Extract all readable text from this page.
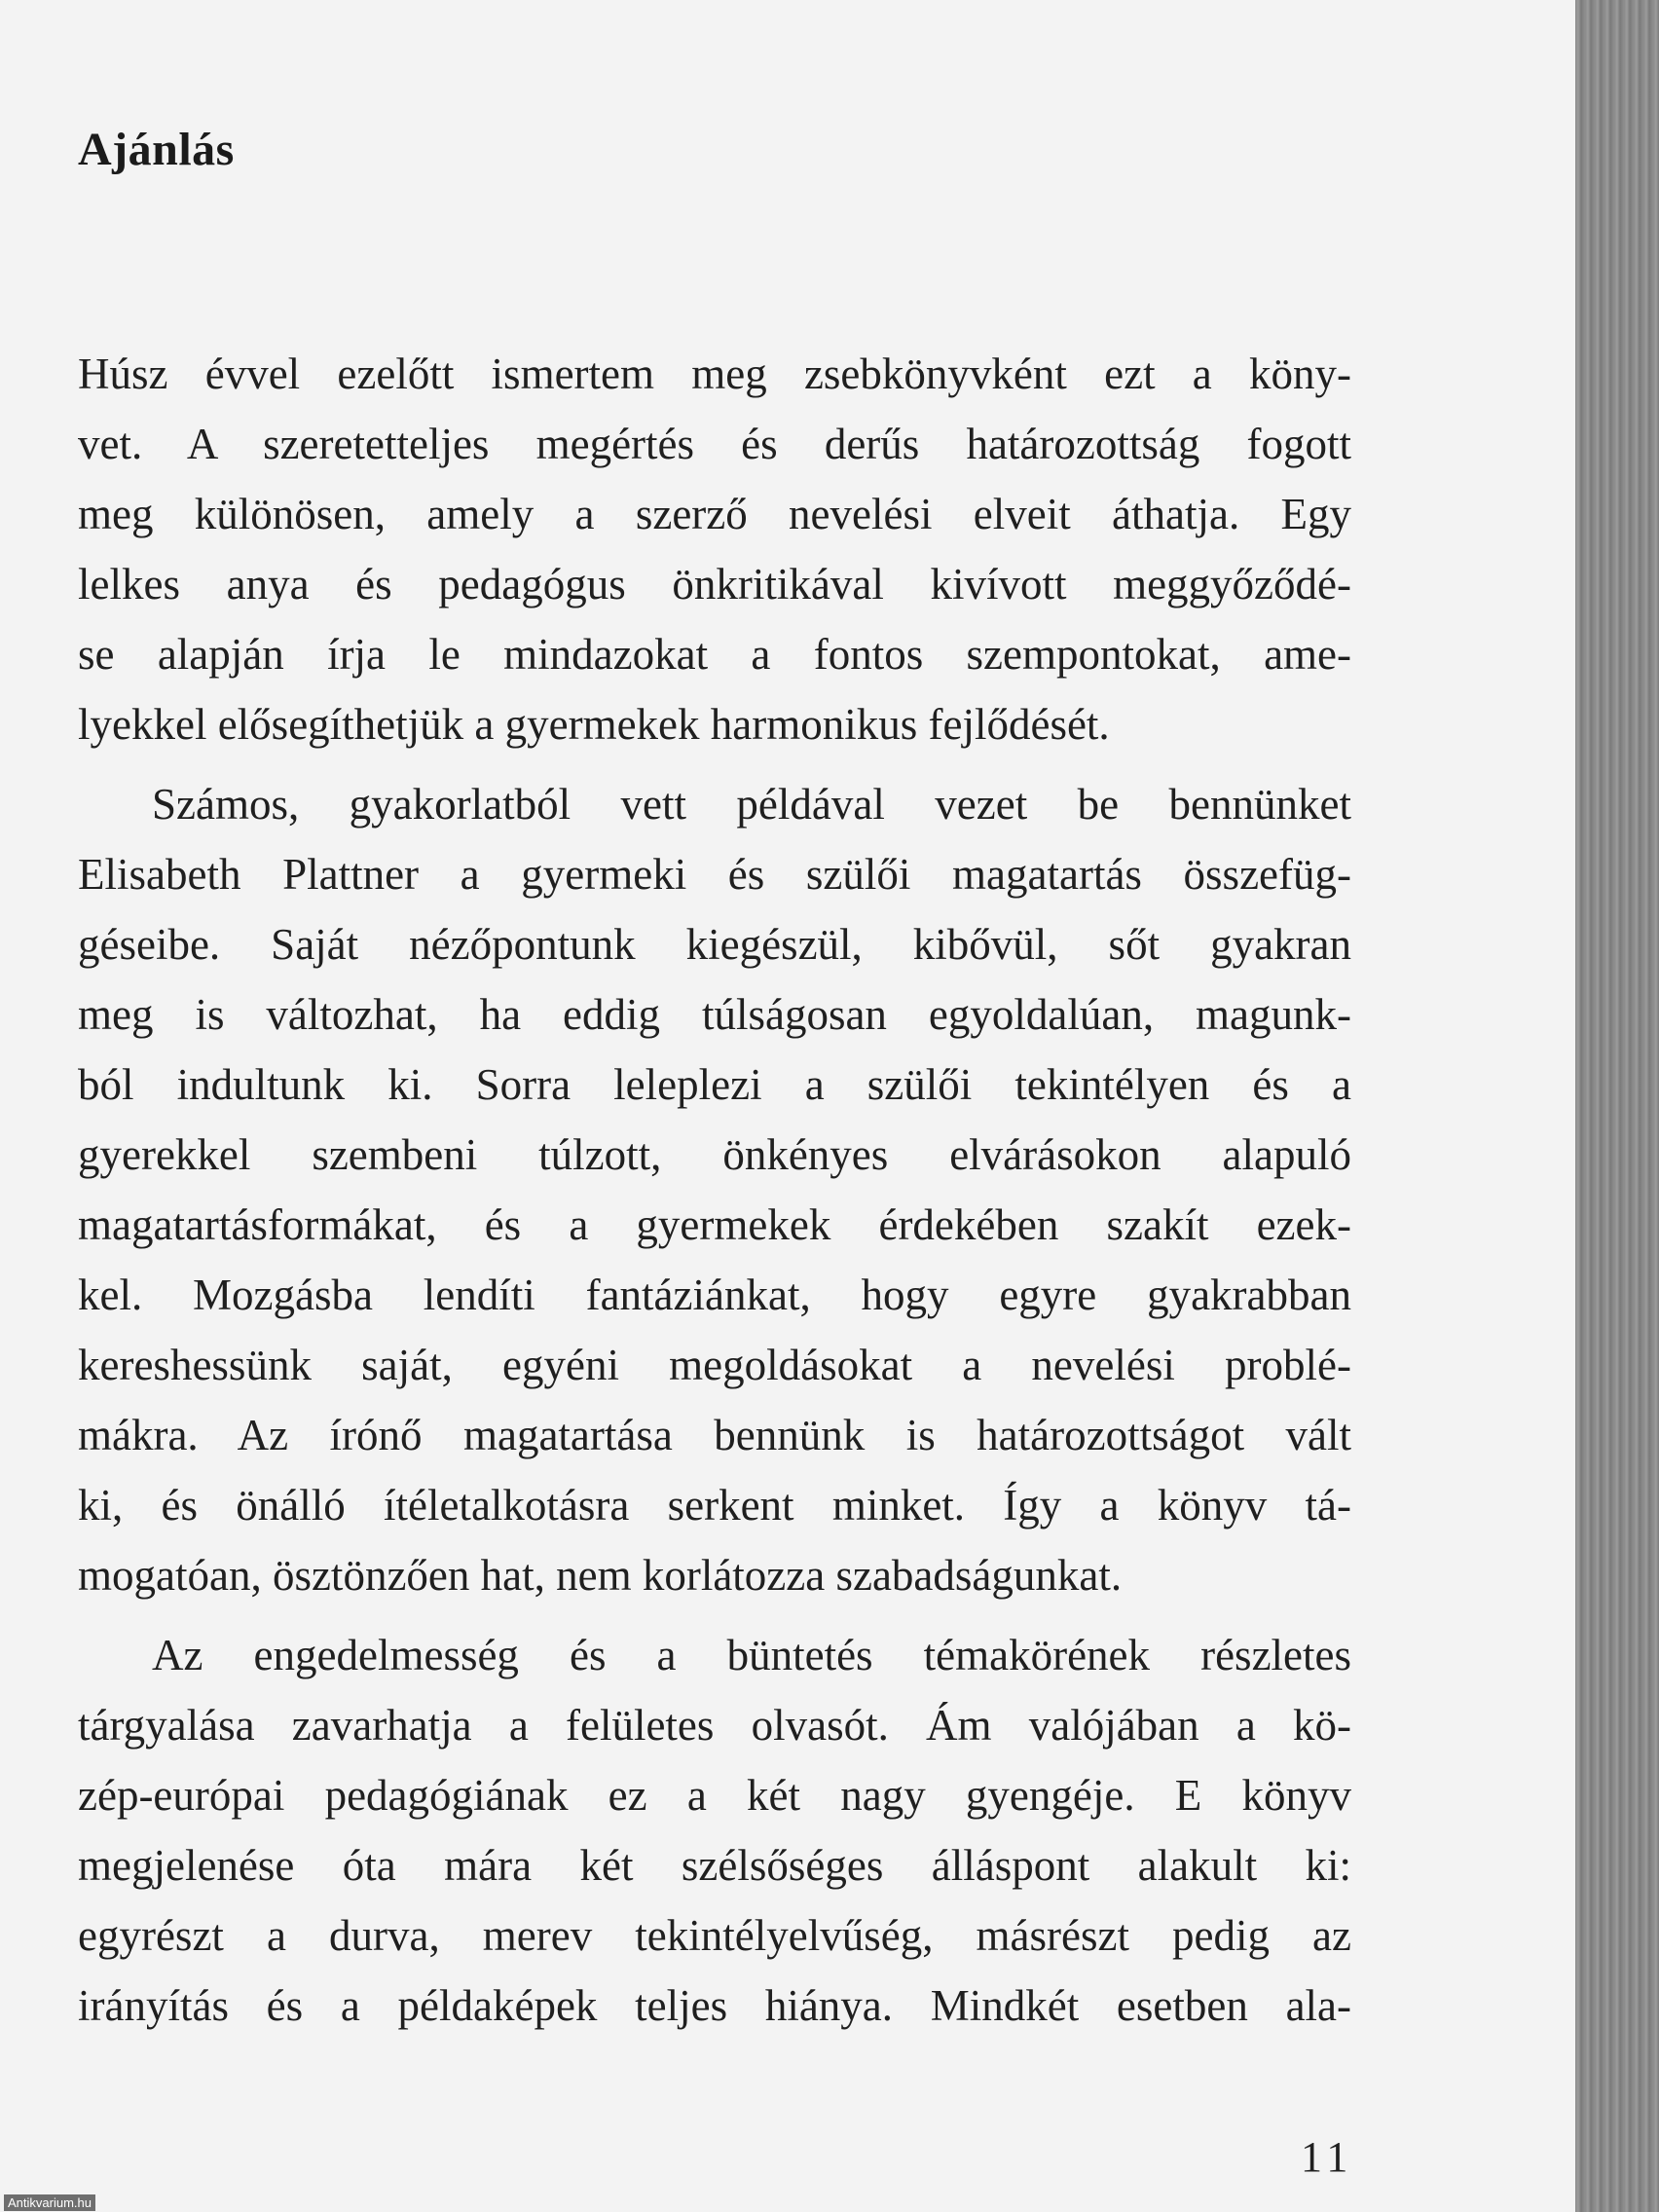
Ajánlás

Húsz évvel ezelőtt ismertem meg zsebkönyvként ezt a köny-
vet. A szeretetteljes megértés és derűs határozottság fogott
meg különösen, amely a szerző nevelési elveit áthatja. Egy
lelkes anya és pedagógus önkritikával kivívott meggyőződé-
se alapján írja le mindazokat a fontos szempontokat, ame-
lyekkel elősegíthetjük a gyermekek harmonikus fejlődését.

Számos, gyakorlatból vett példával vezet be bennünket
Elisabeth Plattner a gyermeki és szülői magatartás összefüg-
géseibe. Saját nézőpontunk kiegészül, kibővül, sőt gyakran
meg is változhat, ha eddig túlságosan egyoldalúan, magunk-
ból indultunk ki. Sorra leleplezi a szülői tekintélyen és a
gyerekkel szembeni túlzott, önkényes elvárásokon alapuló
magatartásformákat, és a gyermekek érdekében szakít ezek-
kel. Mozgásba lendíti fantáziánkat, hogy egyre gyakrabban
kereshessünk saját, egyéni megoldásokat a nevelési problé-
mákra. Az írónő magatartása bennünk is határozottságot vált
ki, és önálló ítéletalkotásra serkent minket. Így a könyv tá-
mogatóan, ösztönzően hat, nem korlátozza szabadságunkat.

Az engedelmesség és a büntetés témakörének részletes
tárgyalása zavarhatja a felületes olvasót. Ám valójában a kö-
zép-európai pedagógiának ez a két nagy gyengéje. E könyv
megjelenése óta mára két szélsőséges álláspont alakult ki:
egyrészt a durva, merev tekintélyelvűség, másrészt pedig az
irányítás és a példaképek teljes hiánya. Mindkét esetben ala-

11
Antikvarium.hu
